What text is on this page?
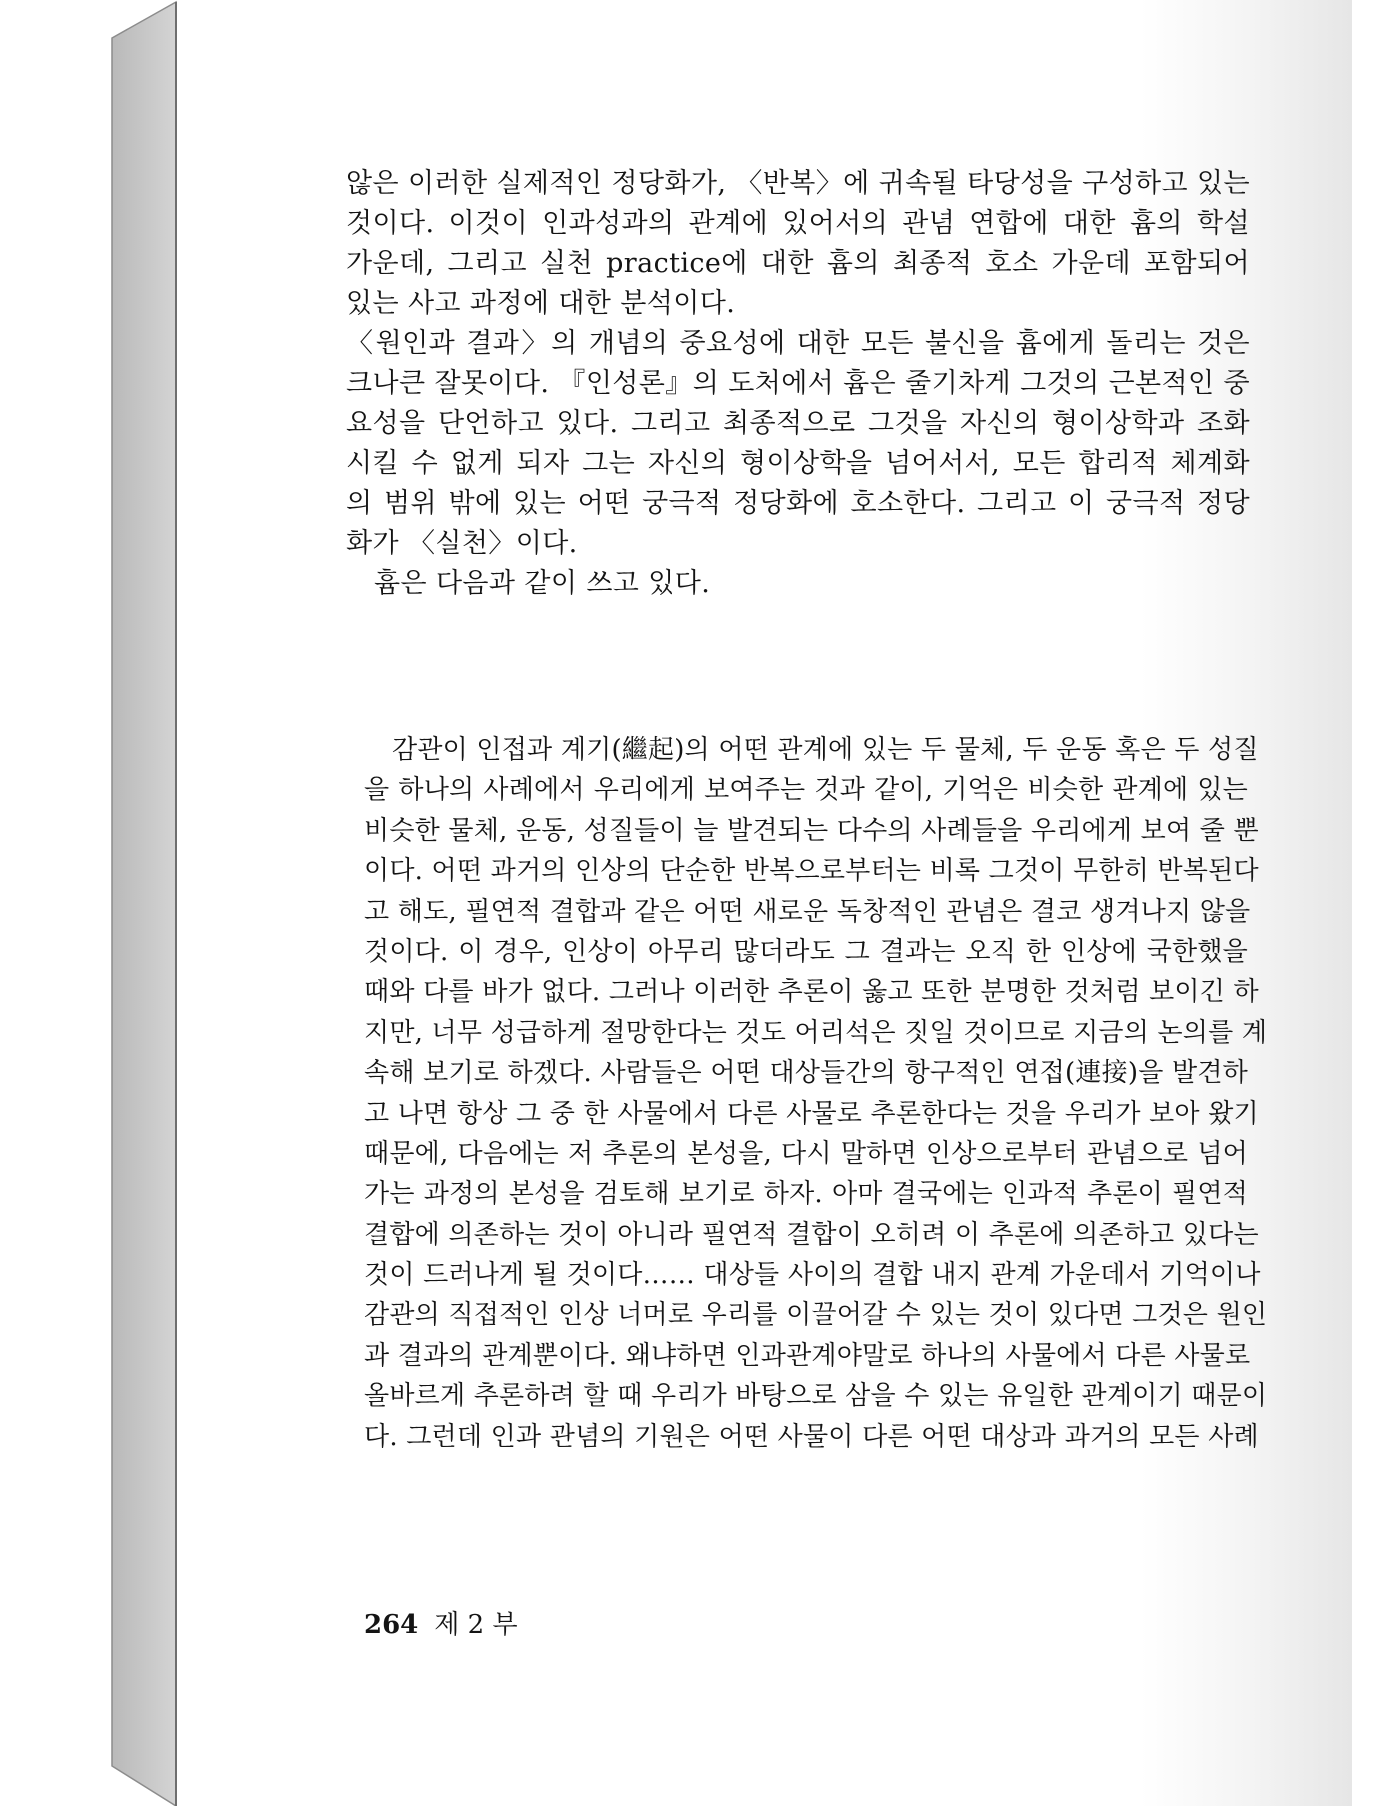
않은 이러한 실제적인 정당화가, 〈반복〉에 귀속될 타당성을 구성하고 있는
것이다. 이것이 인과성과의 관계에 있어서의 관념 연합에 대한 흄의 학설
가운데, 그리고 실천 practice에 대한 흄의 최종적 호소 가운데 포함되어
있는 사고 과정에 대한 분석이다.
〈원인과 결과〉의 개념의 중요성에 대한 모든 불신을 흄에게 돌리는 것은
크나큰 잘못이다. 『인성론』의 도처에서 흄은 줄기차게 그것의 근본적인 중
요성을 단언하고 있다. 그리고 최종적으로 그것을 자신의 형이상학과 조화
시킬 수 없게 되자 그는 자신의 형이상학을 넘어서서, 모든 합리적 체계화
의 범위 밖에 있는 어떤 궁극적 정당화에 호소한다. 그리고 이 궁극적 정당
화가 〈실천〉이다.
흄은 다음과 같이 쓰고 있다.
감관이 인접과 계기(繼起)의 어떤 관계에 있는 두 물체, 두 운동 혹은 두 성질
을 하나의 사례에서 우리에게 보여주는 것과 같이, 기억은 비슷한 관계에 있는
비슷한 물체, 운동, 성질들이 늘 발견되는 다수의 사례들을 우리에게 보여 줄 뿐
이다. 어떤 과거의 인상의 단순한 반복으로부터는 비록 그것이 무한히 반복된다
고 해도, 필연적 결합과 같은 어떤 새로운 독창적인 관념은 결코 생겨나지 않을
것이다. 이 경우, 인상이 아무리 많더라도 그 결과는 오직 한 인상에 국한했을
때와 다를 바가 없다. 그러나 이러한 추론이 옳고 또한 분명한 것처럼 보이긴 하
지만, 너무 성급하게 절망한다는 것도 어리석은 짓일 것이므로 지금의 논의를 계
속해 보기로 하겠다. 사람들은 어떤 대상들간의 항구적인 연접(連接)을 발견하
고 나면 항상 그 중 한 사물에서 다른 사물로 추론한다는 것을 우리가 보아 왔기
때문에, 다음에는 저 추론의 본성을, 다시 말하면 인상으로부터 관념으로 넘어
가는 과정의 본성을 검토해 보기로 하자. 아마 결국에는 인과적 추론이 필연적
결합에 의존하는 것이 아니라 필연적 결합이 오히려 이 추론에 의존하고 있다는
것이 드러나게 될 것이다…… 대상들 사이의 결합 내지 관계 가운데서 기억이나
감관의 직접적인 인상 너머로 우리를 이끌어갈 수 있는 것이 있다면 그것은 원인
과 결과의 관계뿐이다. 왜냐하면 인과관계야말로 하나의 사물에서 다른 사물로
올바르게 추론하려 할 때 우리가 바탕으로 삼을 수 있는 유일한 관계이기 때문이
다. 그런데 인과 관념의 기원은 어떤 사물이 다른 어떤 대상과 과거의 모든 사례
264 제 2 부
